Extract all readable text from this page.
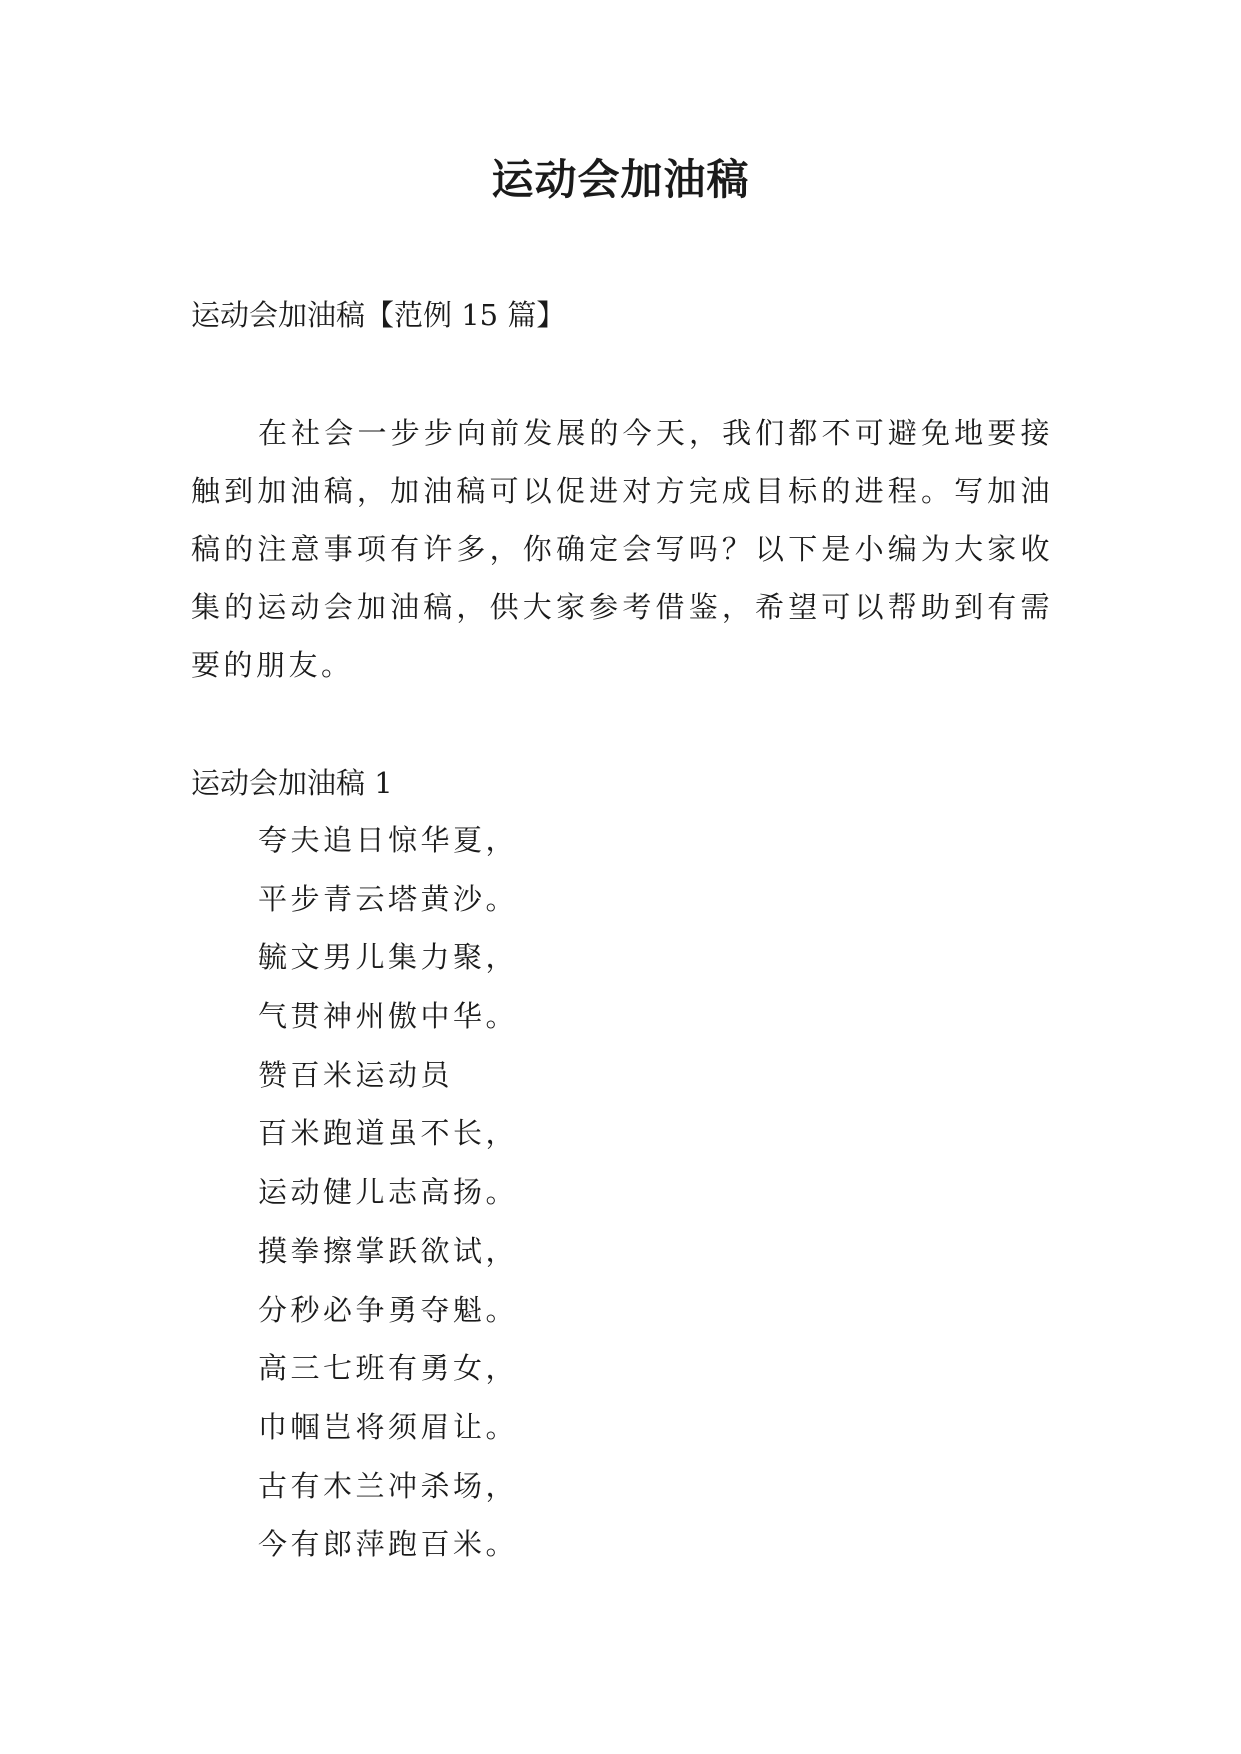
运动会加油稿
运动会加油稿【范例 15 篇】

在社会一步步向前发展的今天，我们都不可避免地要接触到加油稿，加油稿可以促进对方完成目标的进程。写加油稿的注意事项有许多，你确定会写吗？以下是小编为大家收集的运动会加油稿，供大家参考借鉴，希望可以帮助到有需要的朋友。

运动会加油稿 1
夸夫追日惊华夏，
平步青云塔黄沙。
毓文男儿集力聚，
气贯神州傲中华。
赞百米运动员
百米跑道虽不长，
运动健儿志高扬。
摸拳擦掌跃欲试，
分秒必争勇夺魁。
高三七班有勇女，
巾帼岂将须眉让。
古有木兰冲杀场，
今有郎萍跑百米。
